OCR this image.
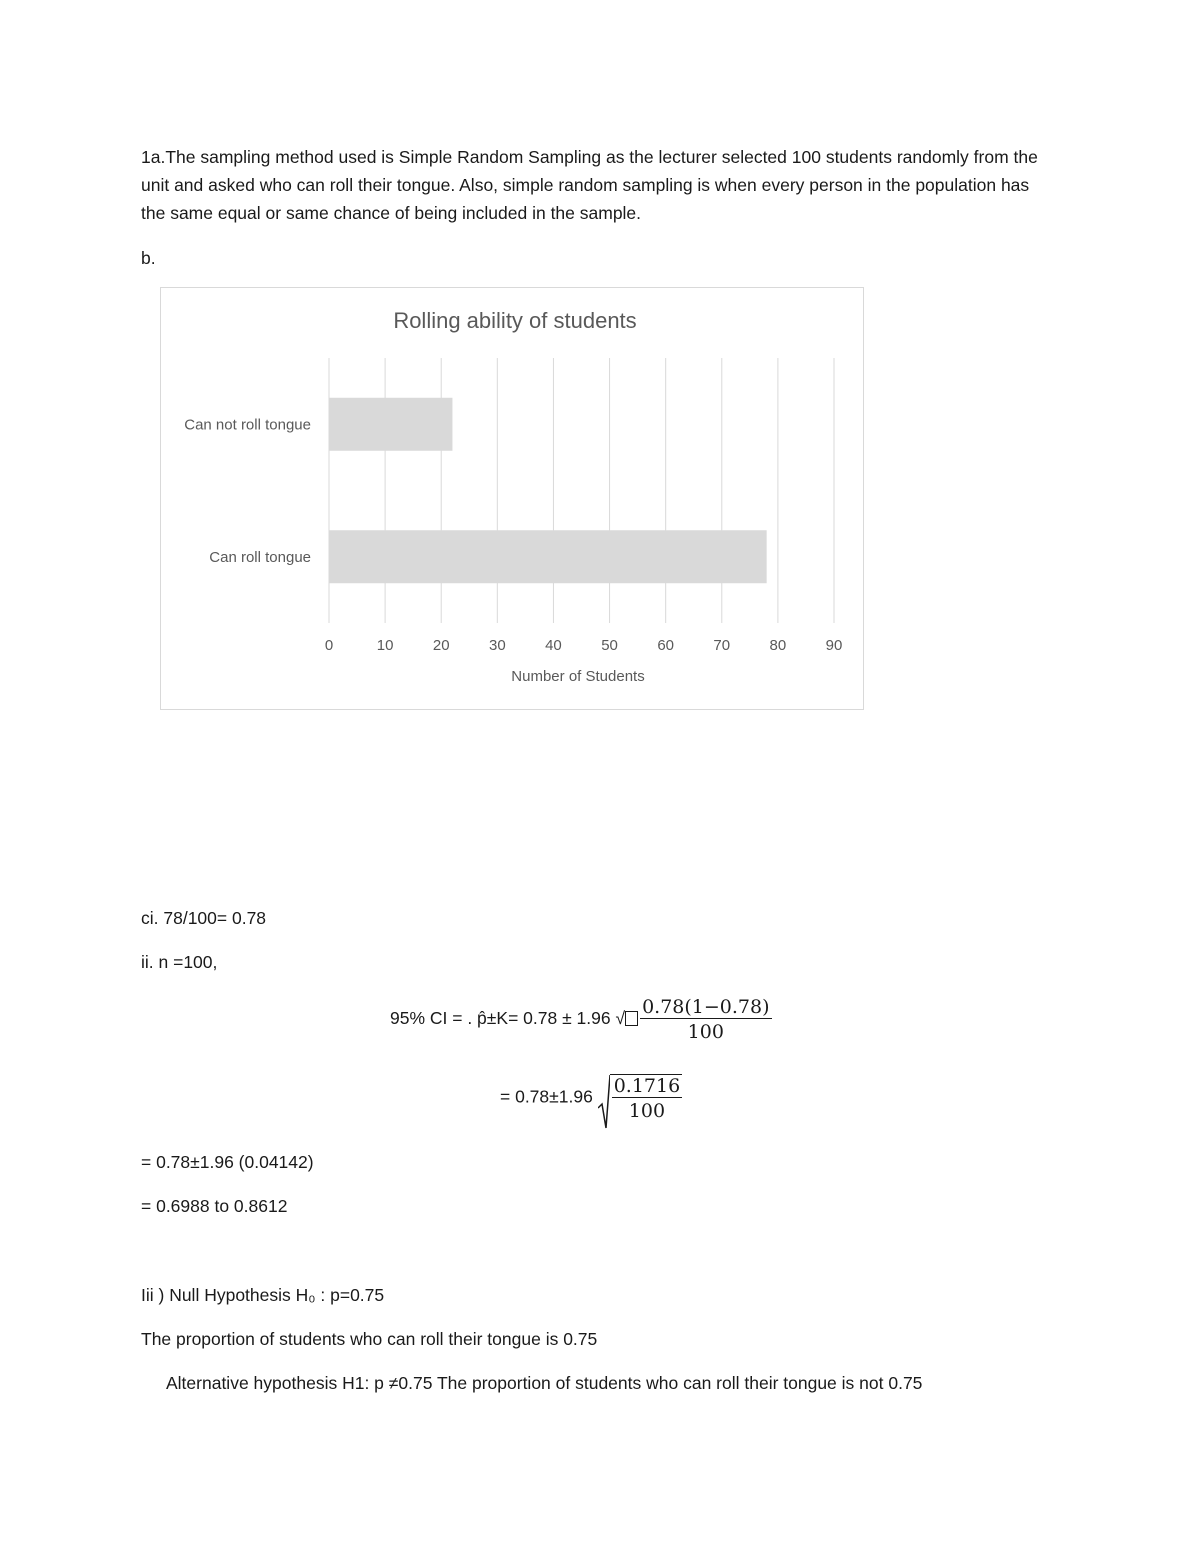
1a.The sampling method used is Simple Random Sampling as the lecturer selected 100 students randomly from the unit and asked who can roll their tongue. Also, simple random sampling is when every person in the population has the same equal or same chance of being included in the sample.

b.

Rolling ability of students
Can not roll tongue
Can roll tongue
0	10	20	30	40	50	60	70	80	90
Number of Students
ci. 78/100= 0.78
ii. n =100,
95% CI = . p̂±K= 0.78 ± 1.96 √ $\frac{0.78(1-0.78)}{100}$
= $0.78\pm 1.96 \frac{0.1716}{100}$
= 0.78±1.96 (0.04142)
= 0.6988 to 0.8612
Iii ) Null Hypothesis H₀ : p=0.75
The proportion of students who can roll their tongue is 0.75
Alternative hypothesis H1: p ≠0.75 The proportion of students who can roll their tongue is not 0.75
